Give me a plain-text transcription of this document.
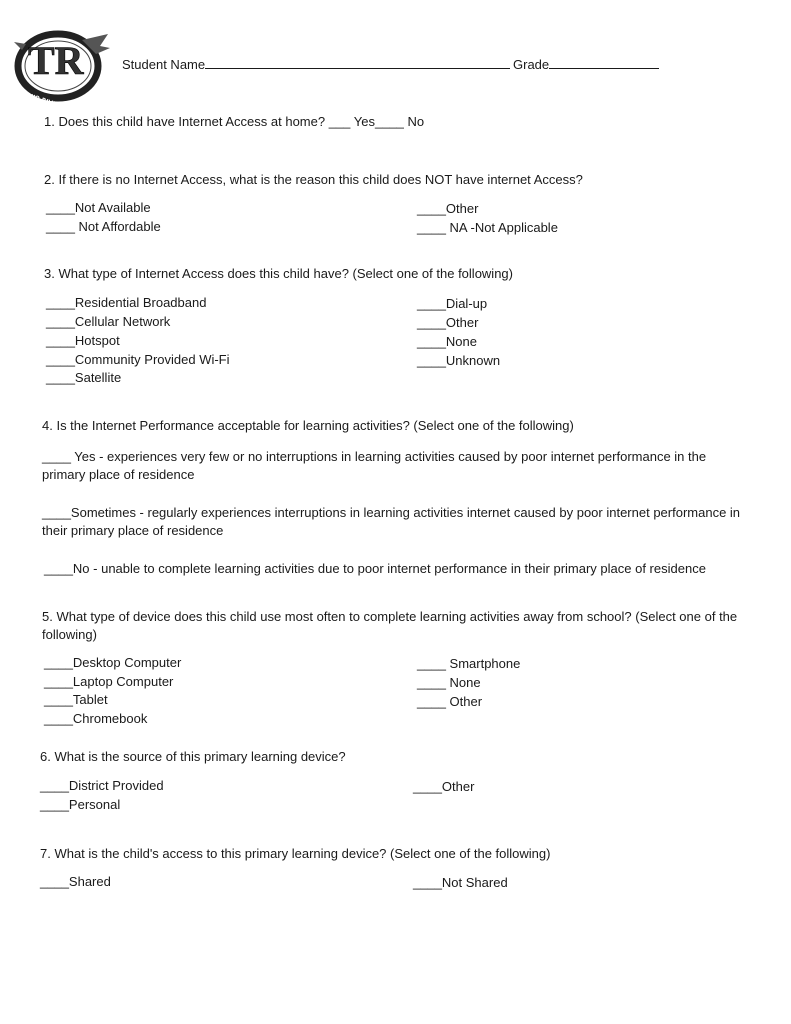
TR	Student Name	Grade
1. Does this child have Internet Access at home? ___ Yes____ No
2. If there is no Internet Access, what is the reason this child does NOT have internet Access?
____Not Available
____ Not Affordable
____Other
____ NA -Not Applicable
3. What type of Internet Access does this child have? (Select one of the following)
____Residential Broadband
____Cellular Network
____Hotspot
____Community Provided Wi-Fi
____Satellite
____Dial-up
____Other
____None
____Unknown
4. Is the Internet Performance acceptable for learning activities? (Select one of the following)
____ Yes - experiences very few or no interruptions in learning activities caused by poor internet performance in the primary place of residence
____Sometimes - regularly experiences interruptions in learning activities internet caused by poor internet performance in their primary place of residence
____No - unable to complete learning activities due to poor internet performance in their primary place of residence
5. What type of device does this child use most often to complete learning activities away from school? (Select one of the following)
____Desktop Computer
____Laptop Computer
____Tablet
____Chromebook
____ Smartphone
____ None
____ Other
6. What is the source of this primary learning device?
____District Provided
____Personal
____Other
7. What is the child's access to this primary learning device? (Select one of the following)
____Shared	____Not Shared
